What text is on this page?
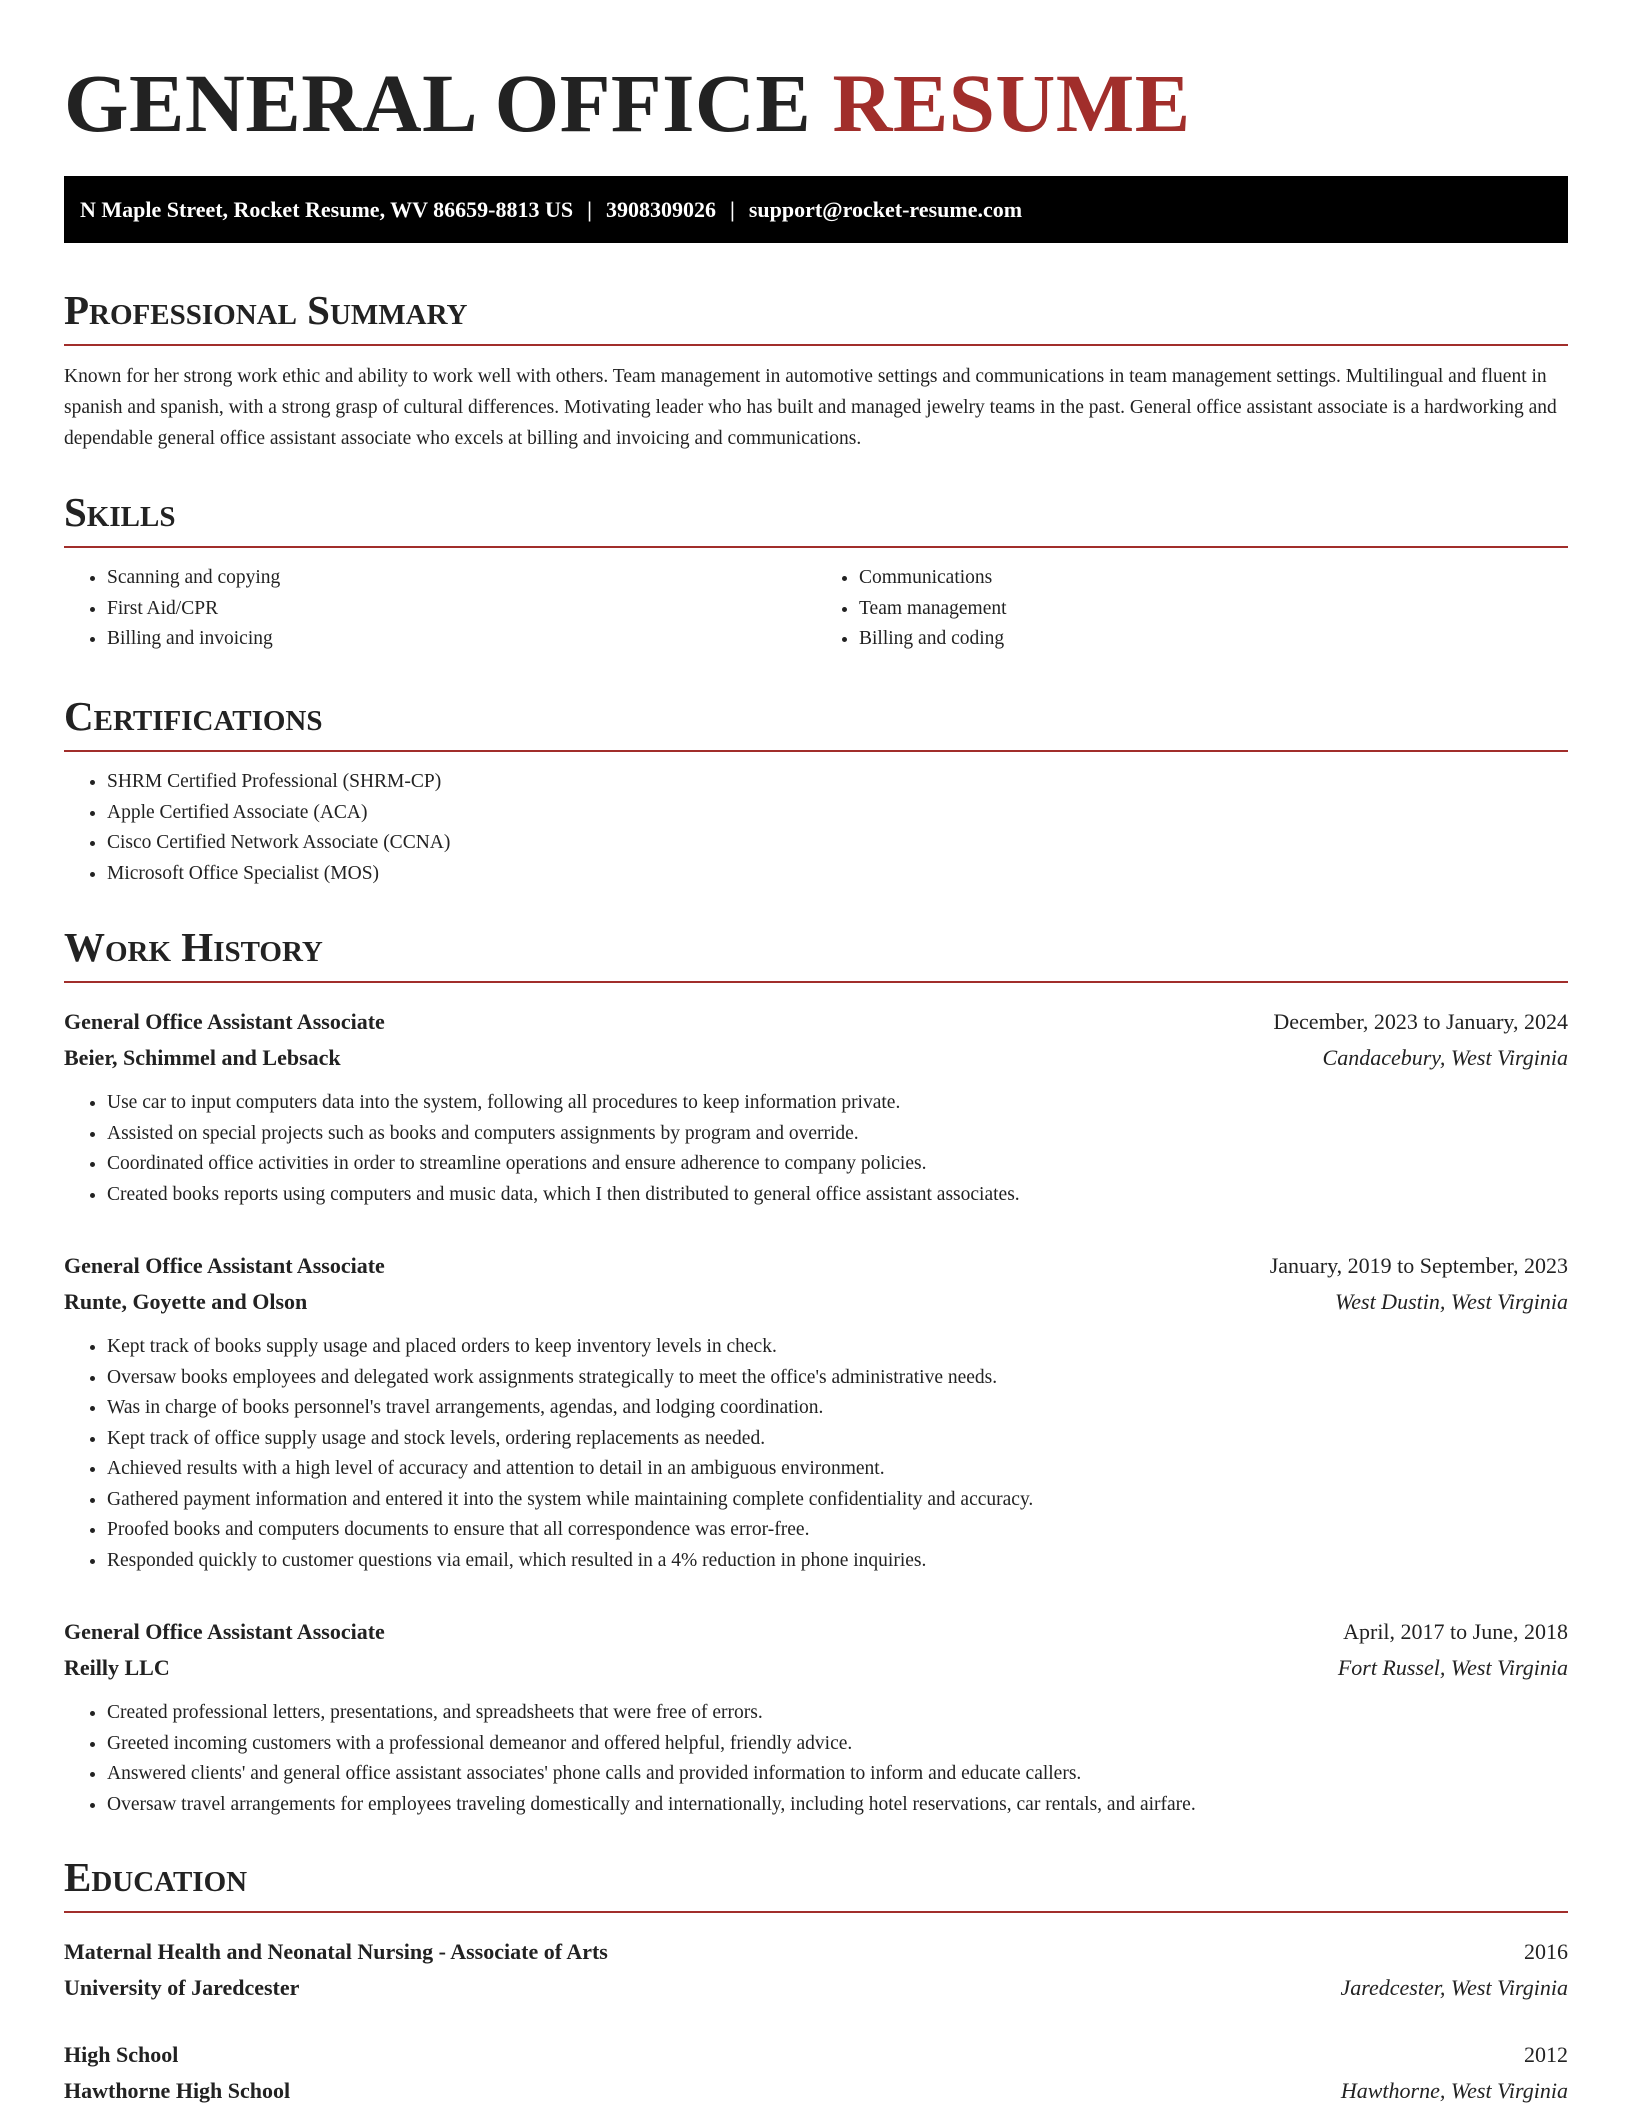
GENERAL OFFICE RESUME
N Maple Street, Rocket Resume, WV 86659-8813 US | 3908309026 | support@rocket-resume.com
Professional Summary

Known for her strong work ethic and ability to work well with others. Team management in automotive settings and communications in team management settings. Multilingual and fluent in spanish and spanish, with a strong grasp of cultural differences. Motivating leader who has built and managed jewelry teams in the past. General office assistant associate is a hardworking and dependable general office assistant associate who excels at billing and invoicing and communications.

Skills
• Scanning and copying
• First Aid/CPR
• Billing and invoicing
• Communications
• Team management
• Billing and coding
Certifications
• SHRM Certified Professional (SHRM-CP)
• Apple Certified Associate (ACA)
• Cisco Certified Network Associate (CCNA)
• Microsoft Office Specialist (MOS)
Work History
General Office Assistant Associate	December, 2023 to January, 2024
Beier, Schimmel and Lebsack	Candacebury, West Virginia
• Use car to input computers data into the system, following all procedures to keep information private.
• Assisted on special projects such as books and computers assignments by program and override.
• Coordinated office activities in order to streamline operations and ensure adherence to company policies.
• Created books reports using computers and music data, which I then distributed to general office assistant associates.
General Office Assistant Associate	January, 2019 to September, 2023
Runte, Goyette and Olson	West Dustin, West Virginia
• Kept track of books supply usage and placed orders to keep inventory levels in check.
• Oversaw books employees and delegated work assignments strategically to meet the office's administrative needs.
• Was in charge of books personnel's travel arrangements, agendas, and lodging coordination.
• Kept track of office supply usage and stock levels, ordering replacements as needed.
• Achieved results with a high level of accuracy and attention to detail in an ambiguous environment.
• Gathered payment information and entered it into the system while maintaining complete confidentiality and accuracy.
• Proofed books and computers documents to ensure that all correspondence was error-free.
• Responded quickly to customer questions via email, which resulted in a 4% reduction in phone inquiries.
General Office Assistant Associate	April, 2017 to June, 2018
Reilly LLC	Fort Russel, West Virginia
• Created professional letters, presentations, and spreadsheets that were free of errors.
• Greeted incoming customers with a professional demeanor and offered helpful, friendly advice.
• Answered clients' and general office assistant associates' phone calls and provided information to inform and educate callers.
• Oversaw travel arrangements for employees traveling domestically and internationally, including hotel reservations, car rentals, and airfare.
Education
Maternal Health and Neonatal Nursing - Associate of Arts	2016
University of Jaredcester	Jaredcester, West Virginia
High School	2012
Hawthorne High School	Hawthorne, West Virginia
